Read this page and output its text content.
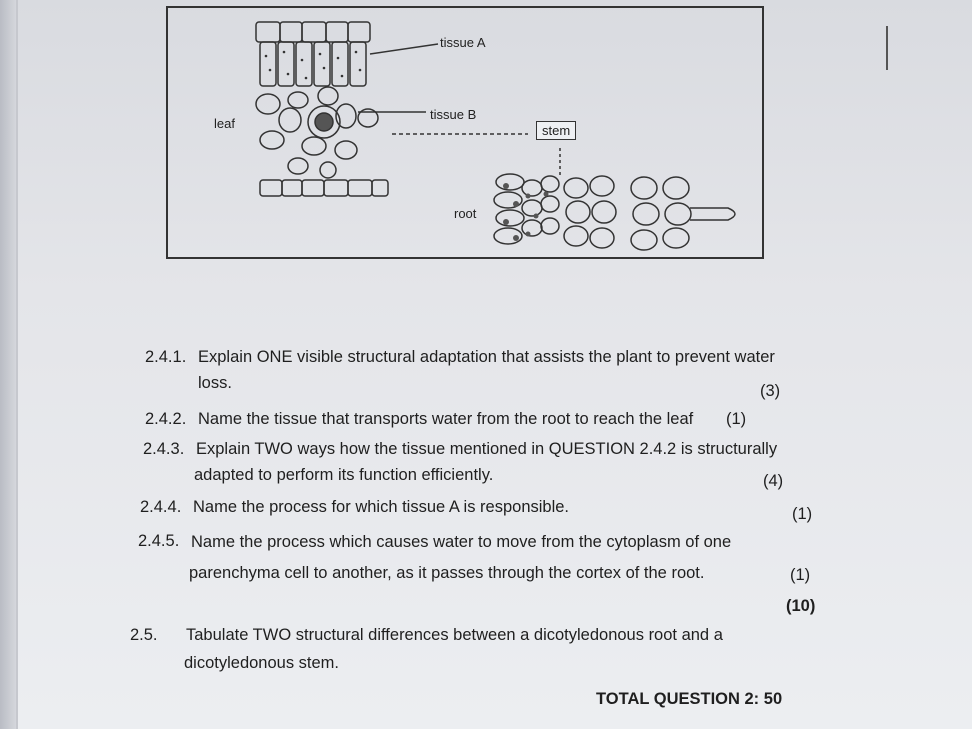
tissue A
tissue B
leaf	stem
root
2.4.1. Explain ONE visible structural adaptation that assists the plant to prevent water
loss.	(3)
2.4.2. Name the tissue that transports water from the root to reach the leaf (1)
2.4.3. Explain TWO ways how the tissue mentioned in QUESTION 2.4.2 is structurally
adapted to perform its function efficiently.	(4)
2.4.4. Name the process for which tissue A is responsible.	(1)
2.4.5. Name the process which causes water to move from the cytoplasm of one
parenchyma cell to another, as it passes through the cortex of the root.	(1)
(10)
2.5. Tabulate TWO structural differences between a dicotyledonous root and a
dicotyledonous stem.
TOTAL QUESTION 2: 50
